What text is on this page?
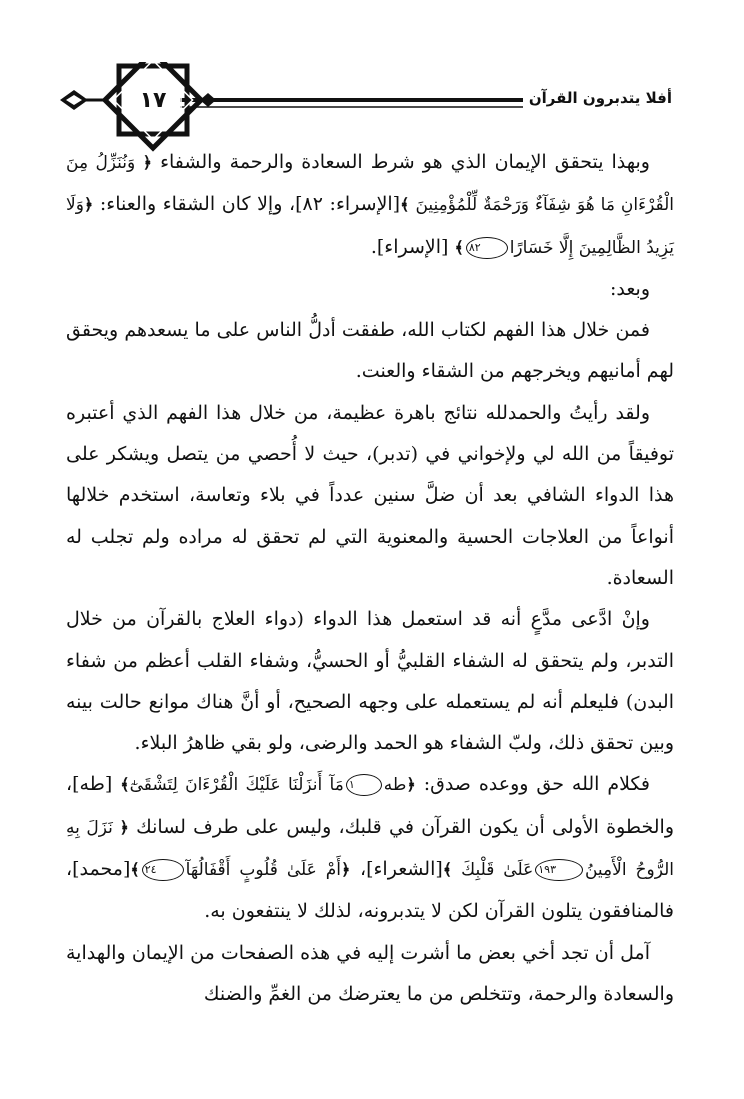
١٧	أفلا يتدبرون القرآن

وبهذا يتحقق الإيمان الذي هو شرط السعادة والرحمة والشفاء ﴿ وَنُنَزِّلُ مِنَ الْقُرْءَانِ مَا هُوَ شِفَآءٌ وَرَحْمَةٌ لِّلْمُؤْمِنِينَ ﴾[الإسراء: ٨٢]، وإلا كان الشقاء والعناء: ﴿وَلَا يَزِيدُ الظَّالِمِينَ إِلَّا خَسَارًا٨٢﴾ [الإسراء].

وبعد:

فمن خلال هذا الفهم لكتاب الله، طفقت أدلُّ الناس على ما يسعدهم ويحقق لهم أمانيهم ويخرجهم من الشقاء والعنت.

ولقد رأيتُ والحمدلله نتائج باهرة عظيمة، من خلال هذا الفهم الذي أعتبره توفيقاً من الله لي ولإخواني في (تدبر)، حيث لا أُحصي من يتصل ويشكر على هذا الدواء الشافي بعد أن ضلَّ سنين عدداً في بلاء وتعاسة، استخدم خلالها أنواعاً من العلاجات الحسية والمعنوية التي لم تحقق له مراده ولم تجلب له السعادة.

وإنْ ادَّعى مدَّعٍ أنه قد استعمل هذا الدواء (دواء العلاج بالقرآن من خلال التدبر، ولم يتحقق له الشفاء القلبيُّ أو الحسيُّ، وشفاء القلب أعظم من شفاء البدن) فليعلم أنه لم يستعمله على وجهه الصحيح، أو أنَّ هناك موانع حالت بينه وبين تحقق ذلك، ولبّ الشفاء هو الحمد والرضى، ولو بقي ظاهرُ البلاء.

فكلام الله حق ووعده صدق: ﴿طه١مَآ أَنزَلْنَا عَلَيْكَ الْقُرْءَانَ لِتَشْقَىٰٓ﴾ [طه]، والخطوة الأولى أن يكون القرآن في قلبك، وليس على طرف لسانك ﴿ نَزَلَ بِهِ الرُّوحُ الْأَمِينُ١٩٣عَلَىٰ قَلْبِكَ ﴾[الشعراء]، ﴿أَمْ عَلَىٰ قُلُوبٍ أَقْفَالُهَآ٢٤﴾[محمد]، فالمنافقون يتلون القرآن لكن لا يتدبرونه، لذلك لا ينتفعون به.

آمل أن تجد أخي بعض ما أشرت إليه في هذه الصفحات من الإيمان والهداية والسعادة والرحمة، وتتخلص من ما يعترضك من الغمِّ والضنك
